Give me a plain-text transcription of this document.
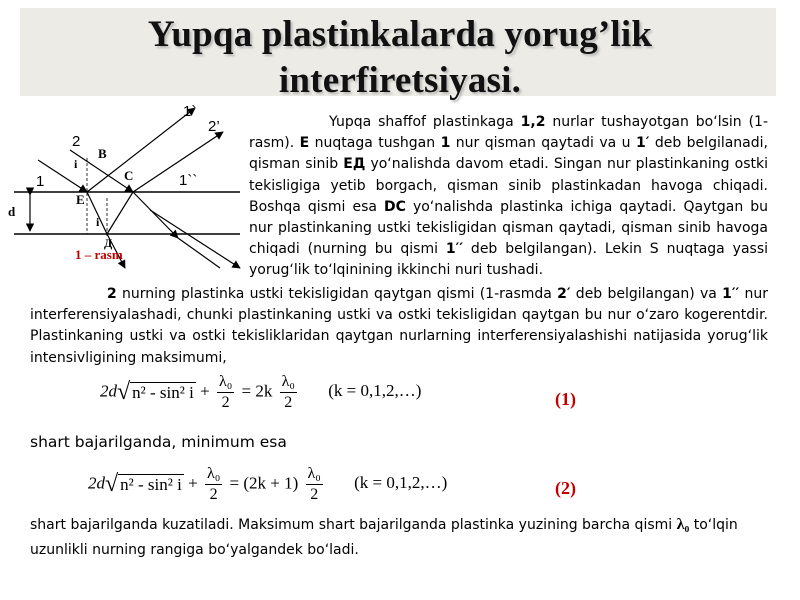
Yupqa plastinkalarda yorug’lik
interfiretsiyasi.
d
1
2
1`
2’
1``
B
C
E
Д
i
i
1 – rasm

Yupqa shaffof plastinkaga 1,2 nurlar tushayotgan bo‘lsin (1-rasm). E nuqtaga tushgan 1 nur qisman qaytadi va u 1′ deb belgilanadi, qisman sinib ЕД yo‘nalishda davom etadi. Singan nur plastinkaning ostki tekisligiga yetib borgach, qisman sinib plastinkadan havoga chiqadi. Boshqa qismi esa DC yo‘nalishda plastinka ichiga qaytadi. Qaytgan bu nur plastinkaning ustki tekisligidan qisman qaytadi, qisman sinib havoga chiqadi (nurning bu qismi 1′′ deb belgilangan). Lekin S nuqtaga yassi yorug‘lik to‘lqinining ikkinchi nuri tushadi.

2 nurning plastinka ustki tekisligidan qaytgan qismi (1-rasmda 2′ deb belgilangan) va 1′′ nur interferensiyalashadi, chunki plastinkaning ustki va ostki tekisligidan qaytgan bu nur o‘zaro kogerentdir. Plastinkaning ustki va ostki tekisliklaridan qaytgan nurlarning interferensiyalashishi natijasida yorug‘lik intensivligining maksimumi,

2d√ n² - sin² $i + \frac{\text{λ₀}}{2} = 2k \frac{\text{λ₀}}{2} (k$ = 0,1,2,…)	(1)
shart bajarilganda, minimum esa
2d√ n² - sin² $i + \frac{\text{λ₀}}{2} = (2k + 1) \frac{\text{λ₀}}{2} (k$ = 0,1,2,…)	(2)
shart bajarilganda kuzatiladi. Maksimum shart bajarilganda plastinka yuzining barcha qismi λ₀ to‘lqin uzunlikli nurning rangiga bo‘yalgandek bo‘ladi.
